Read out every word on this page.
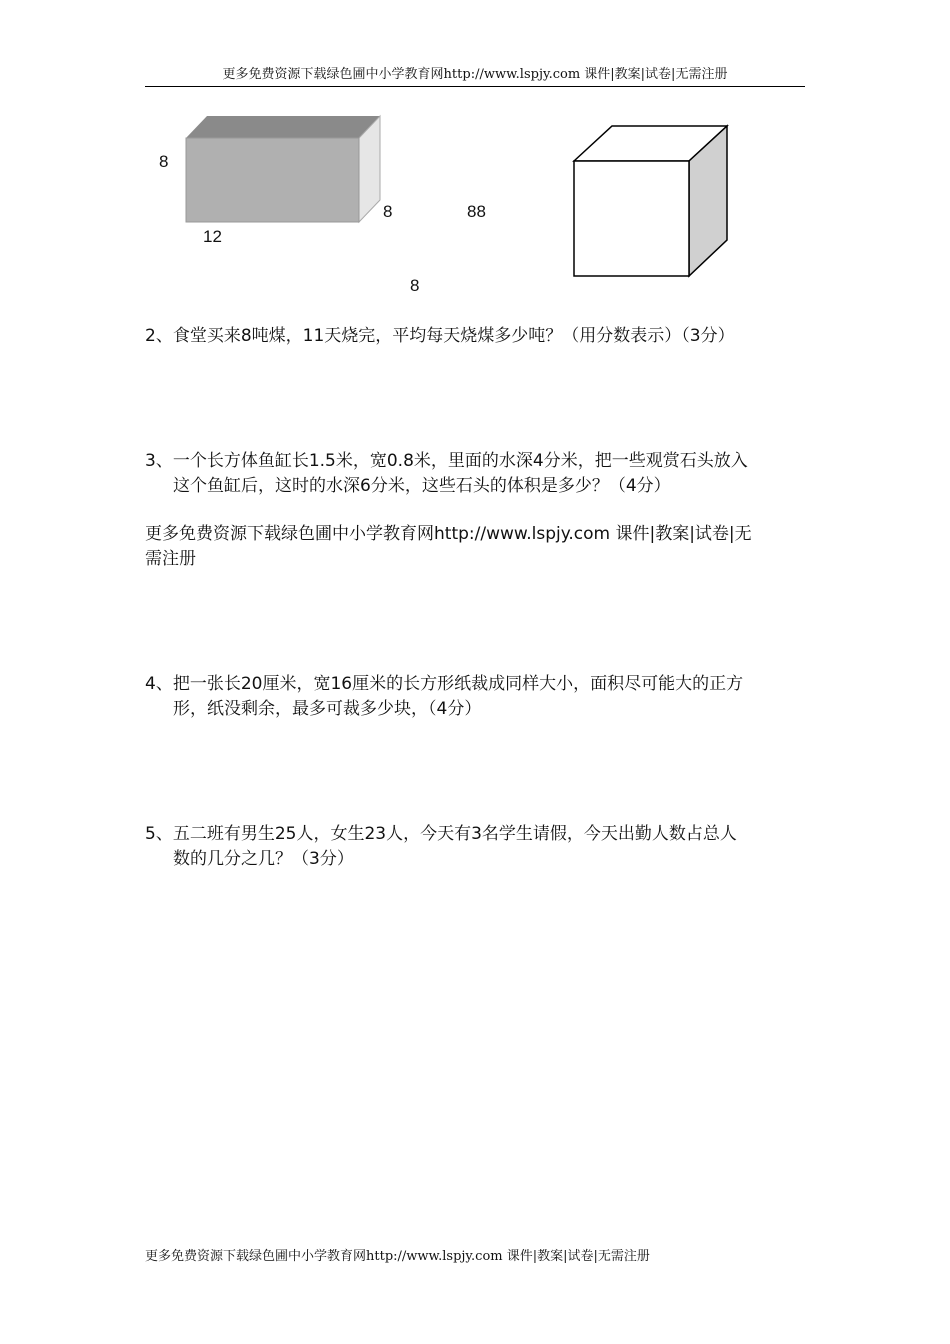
更多免费资源下载绿色圃中小学教育网http://www.lspjy.com 课件|教案|试卷|无需注册
8
8
12
88
8
2、食堂买来8吨煤，11天烧完，平均每天烧煤多少吨？（用分数表示）（3分）
3、一个长方体鱼缸长1.5米，宽0.8米，里面的水深4分米，把一些观赏石头放入
这个鱼缸后，这时的水深6分米，这些石头的体积是多少？（4分）
更多免费资源下载绿色圃中小学教育网http://www.lspjy.com 课件|教案|试卷|无
需注册
4、把一张长20厘米，宽16厘米的长方形纸裁成同样大小，面积尽可能大的正方
形，纸没剩余，最多可裁多少块，（4分）
5、五二班有男生25人，女生23人，今天有3名学生请假，今天出勤人数占总人
数的几分之几？（3分）
更多免费资源下载绿色圃中小学教育网http://www.lspjy.com 课件|教案|试卷|无需注册
